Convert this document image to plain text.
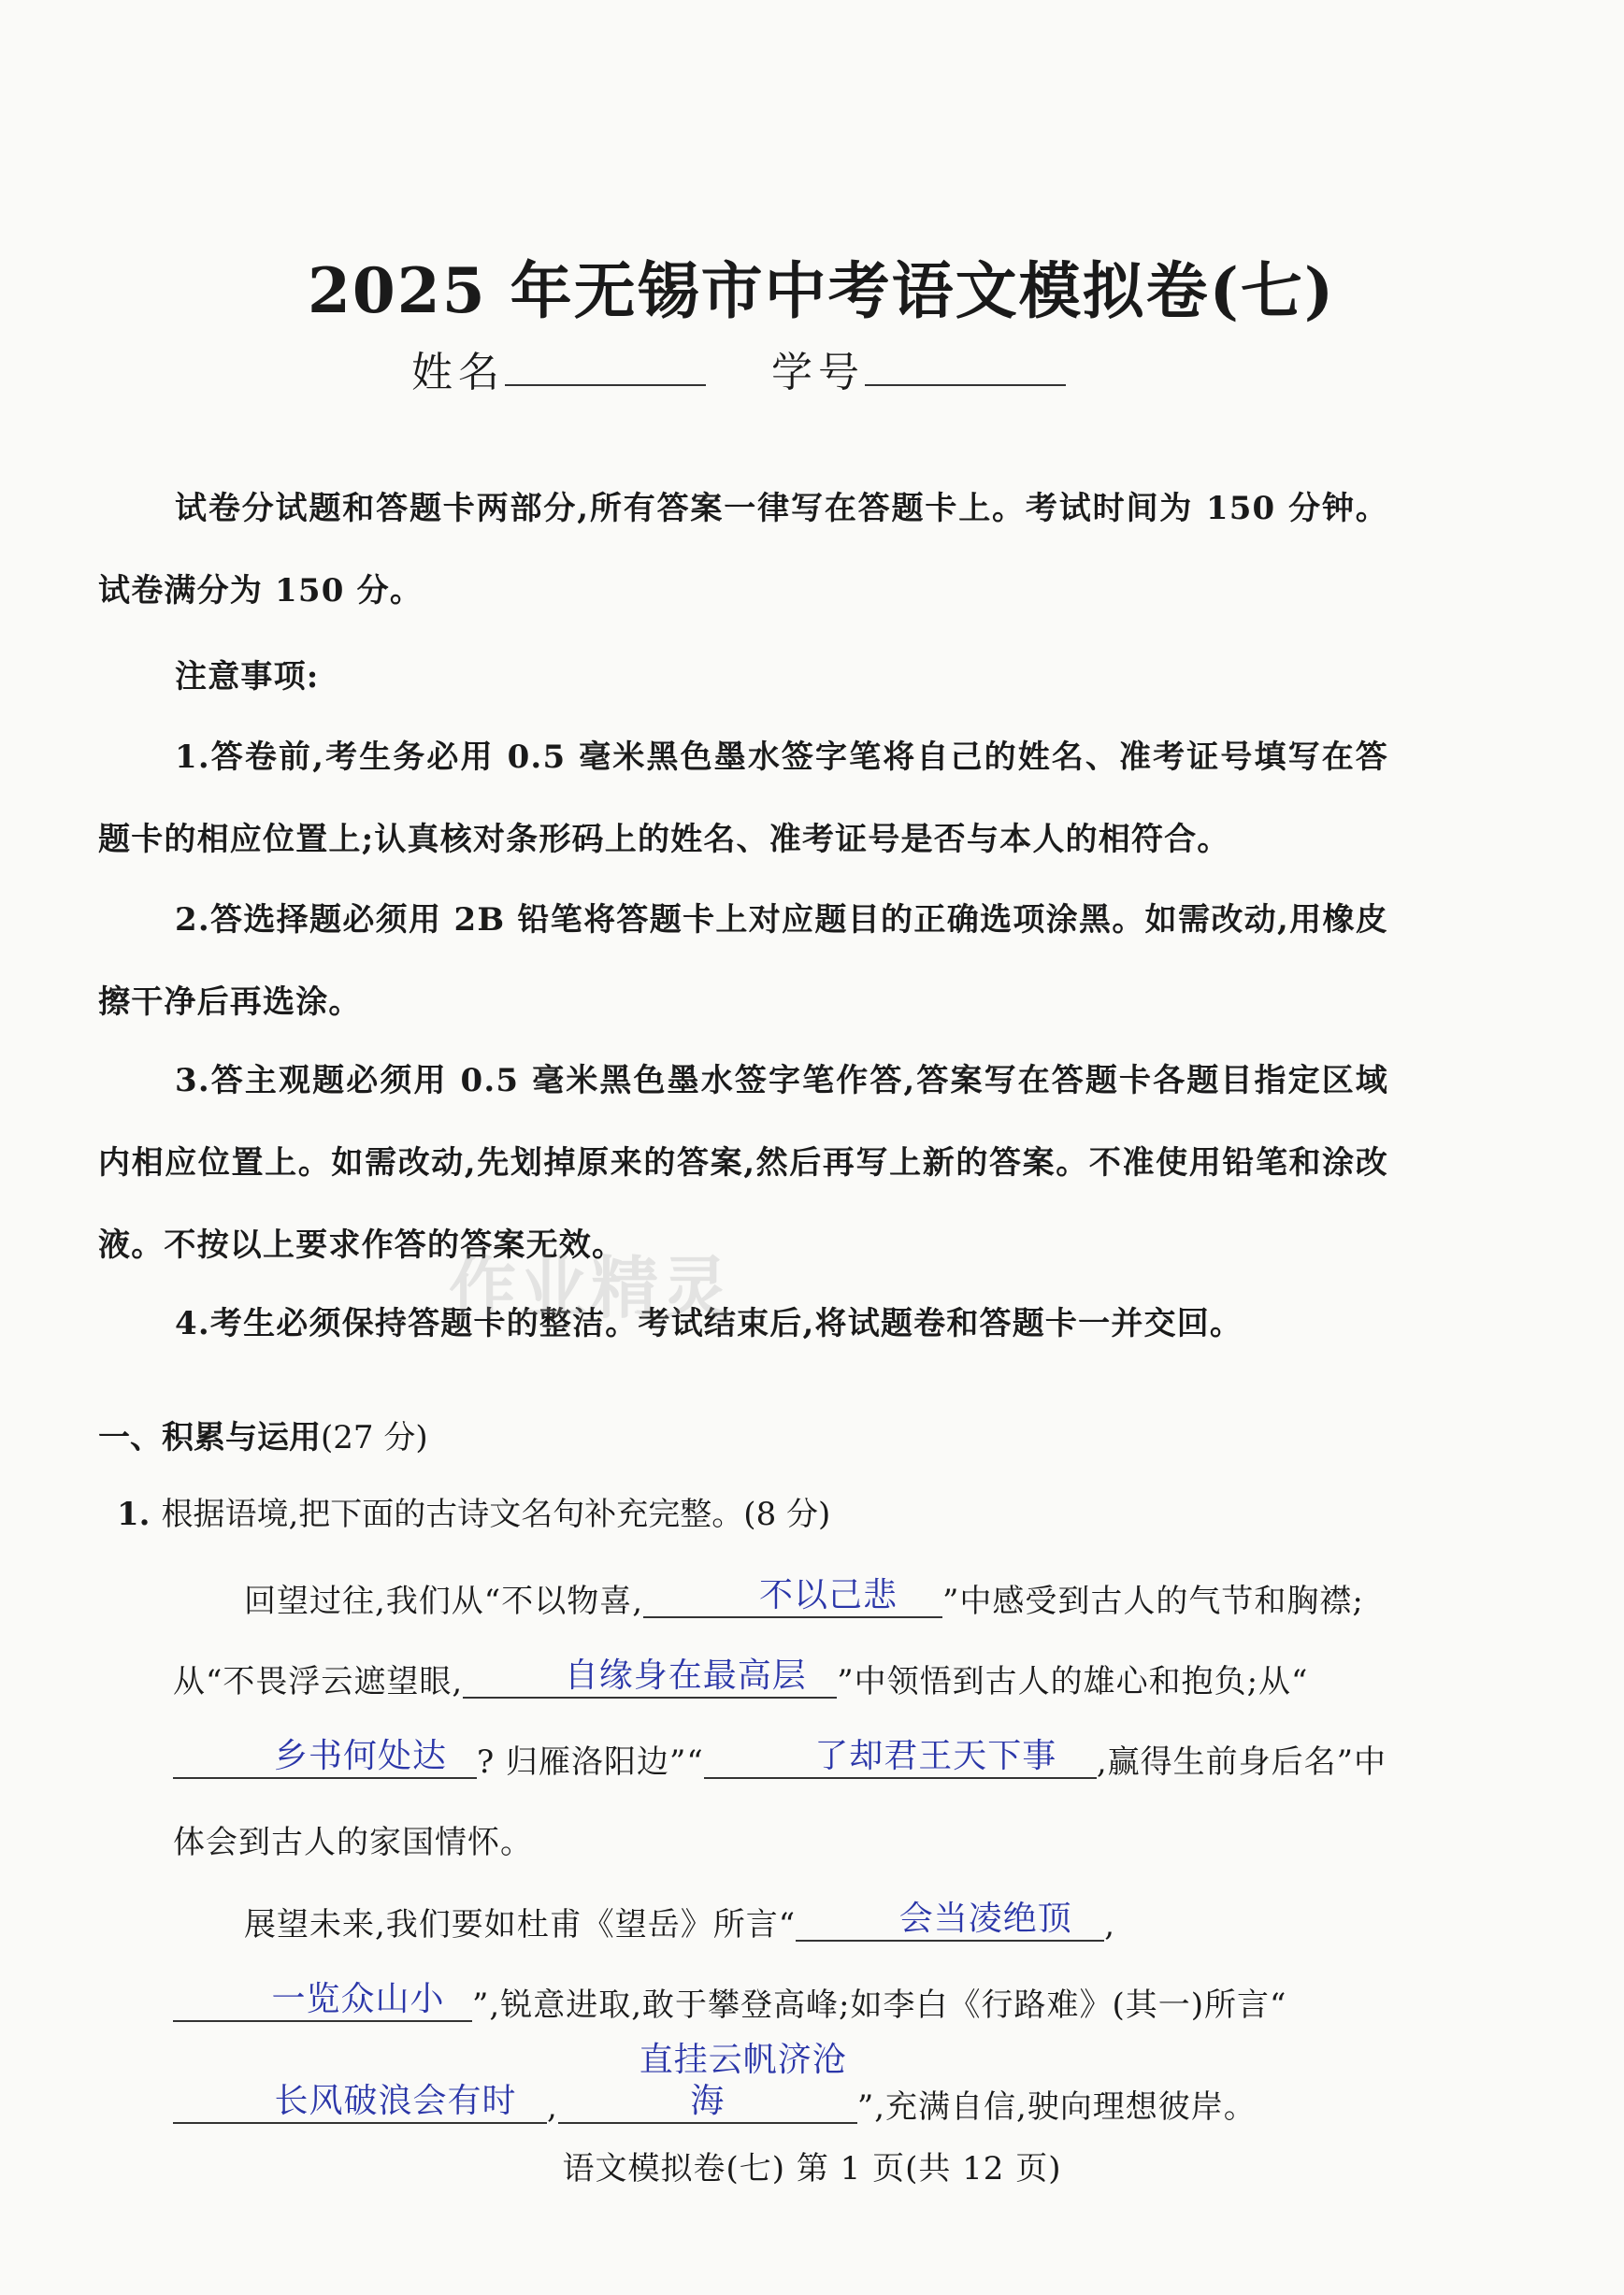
2025 年无锡市中考语文模拟卷(七)
姓名	学号
试卷分试题和答题卡两部分,所有答案一律写在答题卡上。考试时间为 150 分钟。试卷满分为 150 分。
注意事项:
1.答卷前,考生务必用 0.5 毫米黑色墨水签字笔将自己的姓名、准考证号填写在答题卡的相应位置上;认真核对条形码上的姓名、准考证号是否与本人的相符合。
2.答选择题必须用 2B 铅笔将答题卡上对应题目的正确选项涂黑。如需改动,用橡皮擦干净后再选涂。
3.答主观题必须用 0.5 毫米黑色墨水签字笔作答,答案写在答题卡各题目指定区域内相应位置上。如需改动,先划掉原来的答案,然后再写上新的答案。不准使用铅笔和涂改液。不按以上要求作答的答案无效。
4.考生必须保持答题卡的整洁。考试结束后,将试题卷和答题卡一并交回。
作业精灵
一、积累与运用(27 分)
1. 根据语境,把下面的古诗文名句补充完整。(8 分)
回望过往,我们从“不以物喜,	不以己悲 ”中感受到古人的气节和胸襟;从“不畏浮云遮望眼,	自缘身在最高层 ”中领悟到古人的雄心和抱负;从“乡书何处达 ? 归雁洛阳边”“	了却君王天下事 ,赢得生前身后名”中体会到古人的家国情怀。
展望未来,我们要如杜甫《望岳》所言“	会当凌绝顶 ,一览众山小 ”,锐意进取,敢于攀登高峰;如李白《行路难》(其一)所言“长风破浪会有时 ,直挂云帆济沧海	”,充满自信,驶向理想彼岸。
语文模拟卷(七) 第 1 页(共 12 页)
